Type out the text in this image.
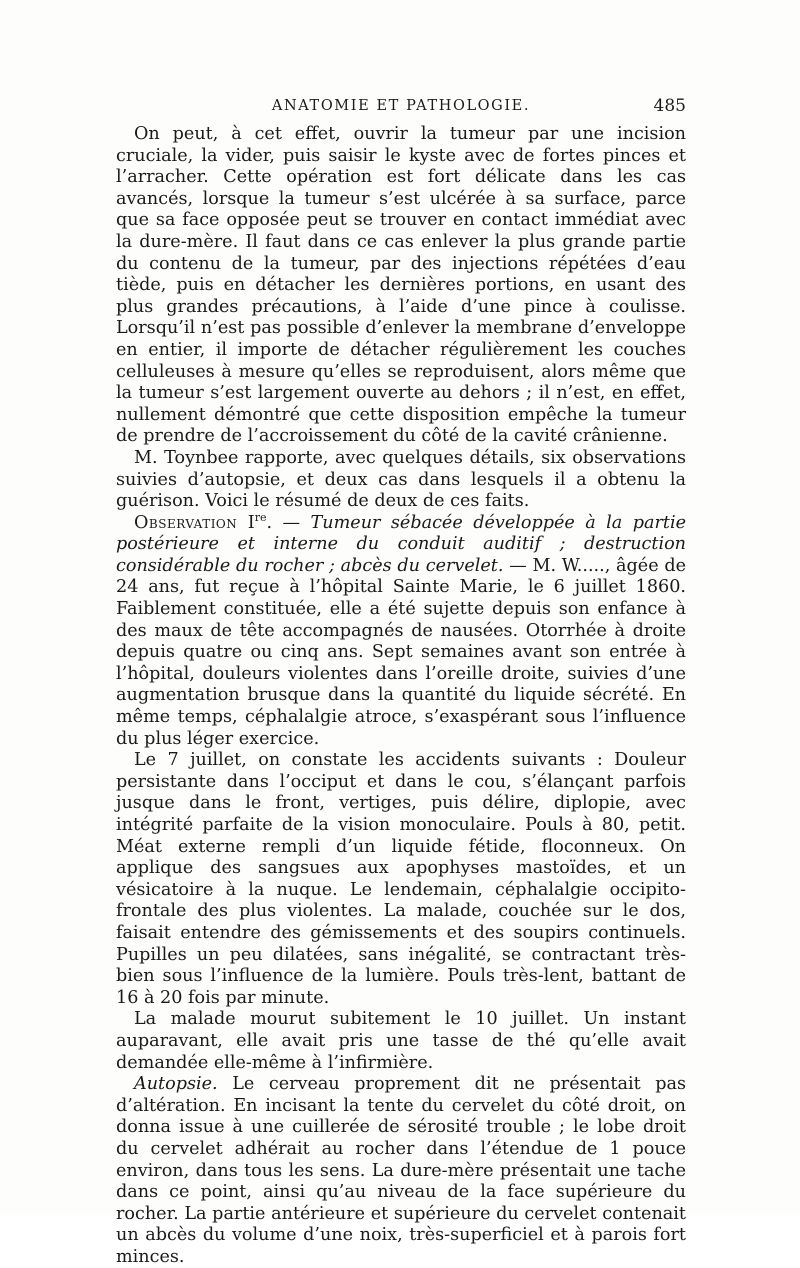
ANATOMIE ET PATHOLOGIE.	485

On peut, à cet effet, ouvrir la tumeur par une incision cruciale, la vider, puis saisir le kyste avec de fortes pinces et l’arracher. Cette opération est fort délicate dans les cas avancés, lorsque la tumeur s’est ulcérée à sa surface, parce que sa face opposée peut se trouver en contact immédiat avec la dure-mère. Il faut dans ce cas enlever la plus grande partie du contenu de la tumeur, par des injections répétées d’eau tiède, puis en détacher les dernières portions, en usant des plus grandes précautions, à l’aide d’une pince à coulisse. Lorsqu’il n’est pas possible d’enlever la membrane d’enveloppe en entier, il importe de détacher régulièrement les couches celluleuses à mesure qu’elles se reproduisent, alors même que la tumeur s’est largement ouverte au dehors ; il n’est, en effet, nullement démontré que cette disposition empêche la tumeur de prendre de l’accroissement du côté de la cavité crânienne.

M. Toynbee rapporte, avec quelques détails, six observations suivies d’autopsie, et deux cas dans lesquels il a obtenu la guérison. Voici le résumé de deux de ces faits.

Observation Ire. — Tumeur sébacée développée à la partie postérieure et interne du conduit auditif ; destruction considérable du rocher ; abcès du cervelet. — M. W....., âgée de 24 ans, fut reçue à l’hôpital Sainte Marie, le 6 juillet 1860. Faiblement constituée, elle a été sujette depuis son enfance à des maux de tête accompagnés de nausées. Otorrhée à droite depuis quatre ou cinq ans. Sept semaines avant son entrée à l’hôpital, douleurs violentes dans l’oreille droite, suivies d’une augmentation brusque dans la quantité du liquide sécrété. En même temps, céphalalgie atroce, s’exaspérant sous l’influence du plus léger exercice.

Le 7 juillet, on constate les accidents suivants : Douleur persistante dans l’occiput et dans le cou, s’élançant parfois jusque dans le front, vertiges, puis délire, diplopie, avec intégrité parfaite de la vision monoculaire. Pouls à 80, petit. Méat externe rempli d’un liquide fétide, floconneux. On applique des sangsues aux apophyses mastoïdes, et un vésicatoire à la nuque. Le lendemain, céphalalgie occipito-frontale des plus violentes. La malade, couchée sur le dos, faisait entendre des gémissements et des soupirs continuels. Pupilles un peu dilatées, sans inégalité, se contractant très-bien sous l’influence de la lumière. Pouls très-lent, battant de 16 à 20 fois par minute.

La malade mourut subitement le 10 juillet. Un instant auparavant, elle avait pris une tasse de thé qu’elle avait demandée elle-même à l’infirmière.

Autopsie. Le cerveau proprement dit ne présentait pas d’altération. En incisant la tente du cervelet du côté droit, on donna issue à une cuillerée de sérosité trouble ; le lobe droit du cervelet adhérait au rocher dans l’étendue de 1 pouce environ, dans tous les sens. La dure-mère présentait une tache dans ce point, ainsi qu’au niveau de la face supérieure du rocher. La partie antérieure et supérieure du cervelet contenait un abcès du volume d’une noix, très-superficiel et à parois fort minces.
